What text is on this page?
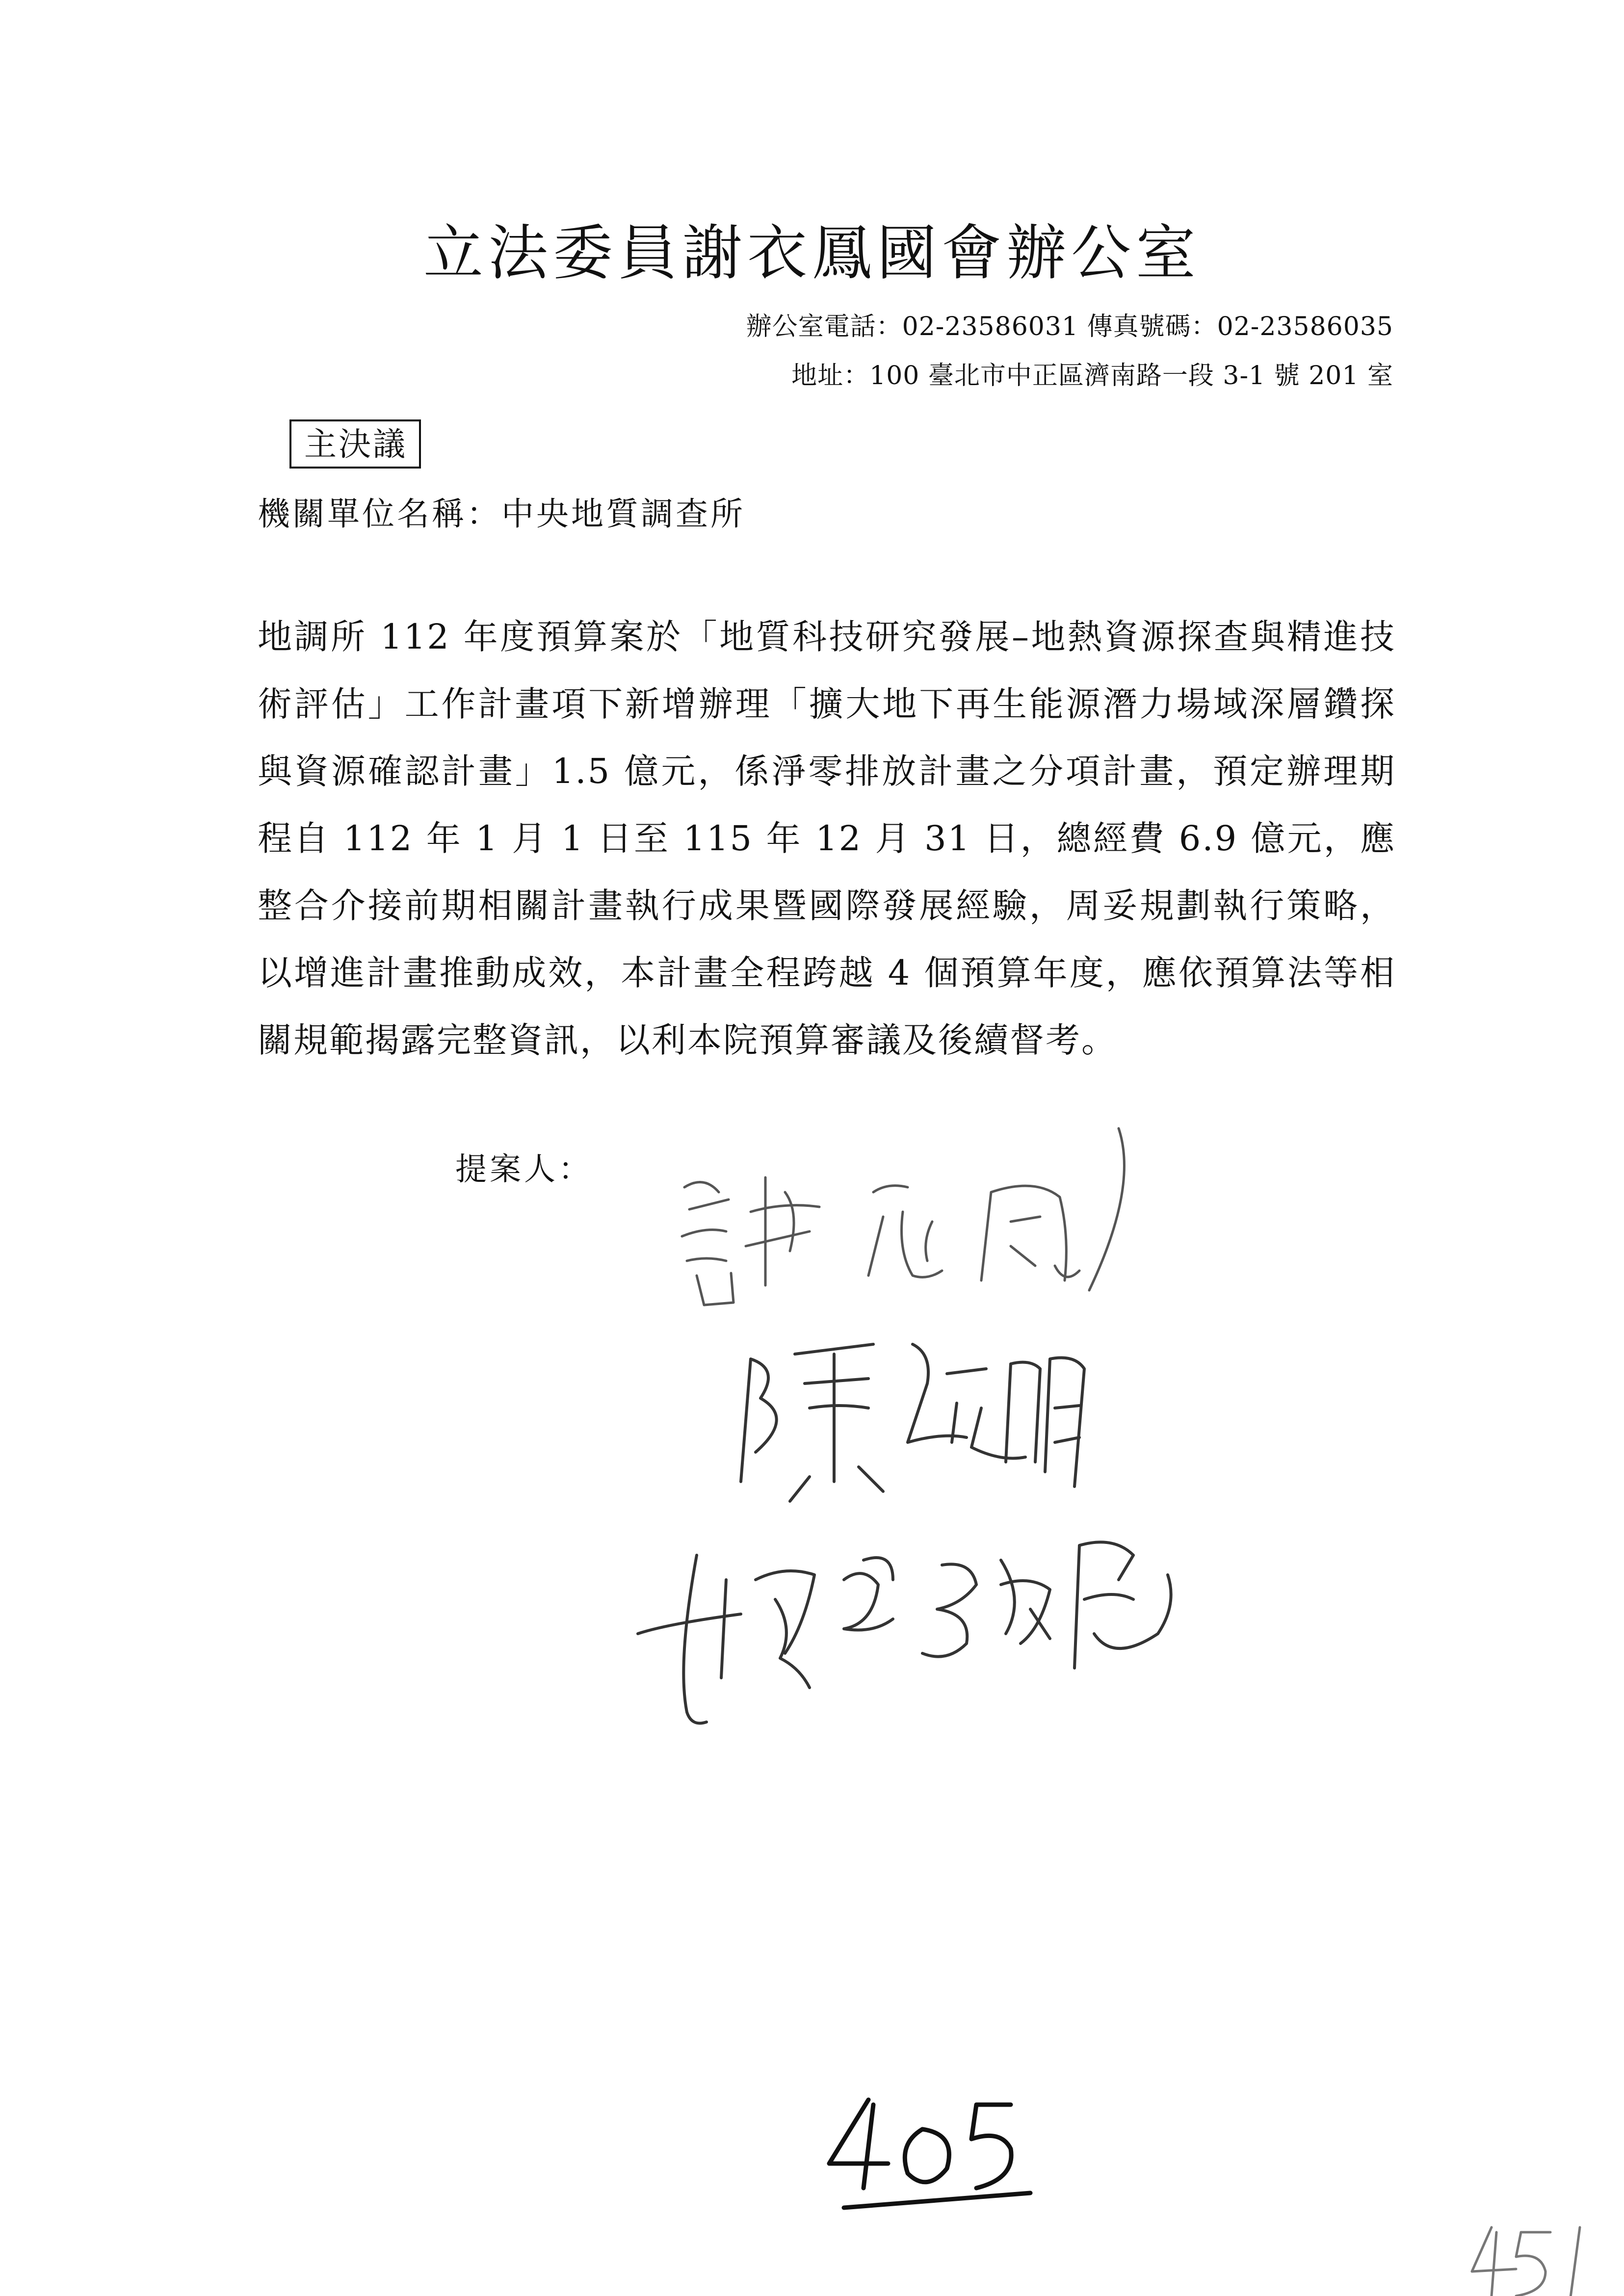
立法委員謝衣鳳國會辦公室
辦公室電話：02-23586031 傳真號碼：02-23586035
地址：100 臺北市中正區濟南路一段 3-1 號 201 室
主決議
機關單位名稱：中央地質調查所

地調所 112 年度預算案於「地質科技研究發展–地熱資源探查與精進技術評估」工作計畫項下新增辦理「擴大地下再生能源潛力場域深層鑽探與資源確認計畫」1.5 億元，係淨零排放計畫之分項計畫，預定辦理期程自 112 年 1 月 1 日至 115 年 12 月 31 日，總經費 6.9 億元，應整合介接前期相關計畫執行成果暨國際發展經驗，周妥規劃執行策略，以增進計畫推動成效，本計畫全程跨越 4 個預算年度，應依預算法等相關規範揭露完整資訊，以利本院預算審議及後續督考。

提案人：
